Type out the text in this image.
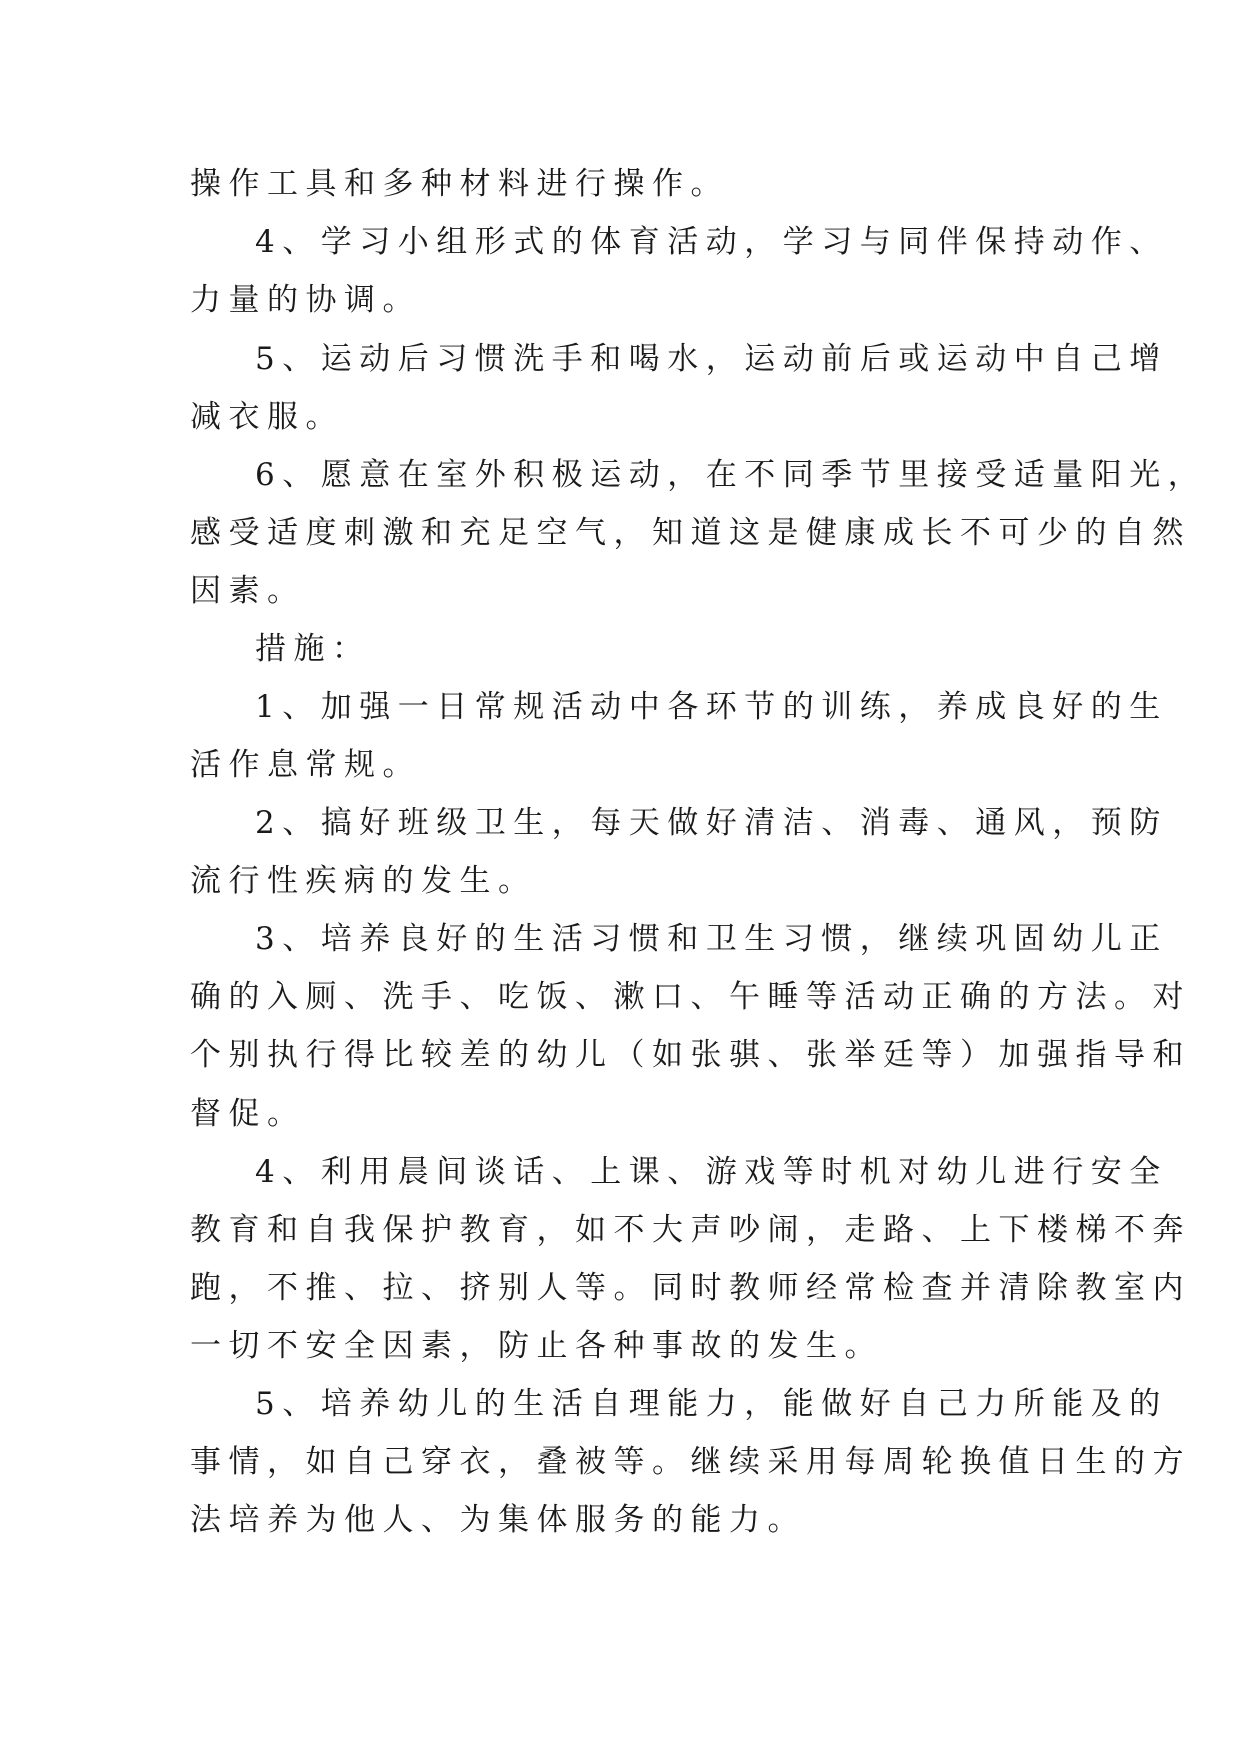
操作工具和多种材料进行操作。
4、学习小组形式的体育活动，学习与同伴保持动作、
力量的协调。
5、运动后习惯洗手和喝水，运动前后或运动中自己增
减衣服。
6、愿意在室外积极运动，在不同季节里接受适量阳光，
感受适度刺激和充足空气，知道这是健康成长不可少的自然
因素。
措施：
1、加强一日常规活动中各环节的训练，养成良好的生
活作息常规。
2、搞好班级卫生，每天做好清洁、消毒、通风，预防
流行性疾病的发生。
3、培养良好的生活习惯和卫生习惯，继续巩固幼儿正
确的入厕、洗手、吃饭、漱口、午睡等活动正确的方法。对
个别执行得比较差的幼儿（如张骐、张举廷等）加强指导和
督促。
4、利用晨间谈话、上课、游戏等时机对幼儿进行安全
教育和自我保护教育，如不大声吵闹，走路、上下楼梯不奔
跑，不推、拉、挤别人等。同时教师经常检查并清除教室内
一切不安全因素，防止各种事故的发生。
5、培养幼儿的生活自理能力，能做好自己力所能及的
事情，如自己穿衣，叠被等。继续采用每周轮换值日生的方
法培养为他人、为集体服务的能力。
